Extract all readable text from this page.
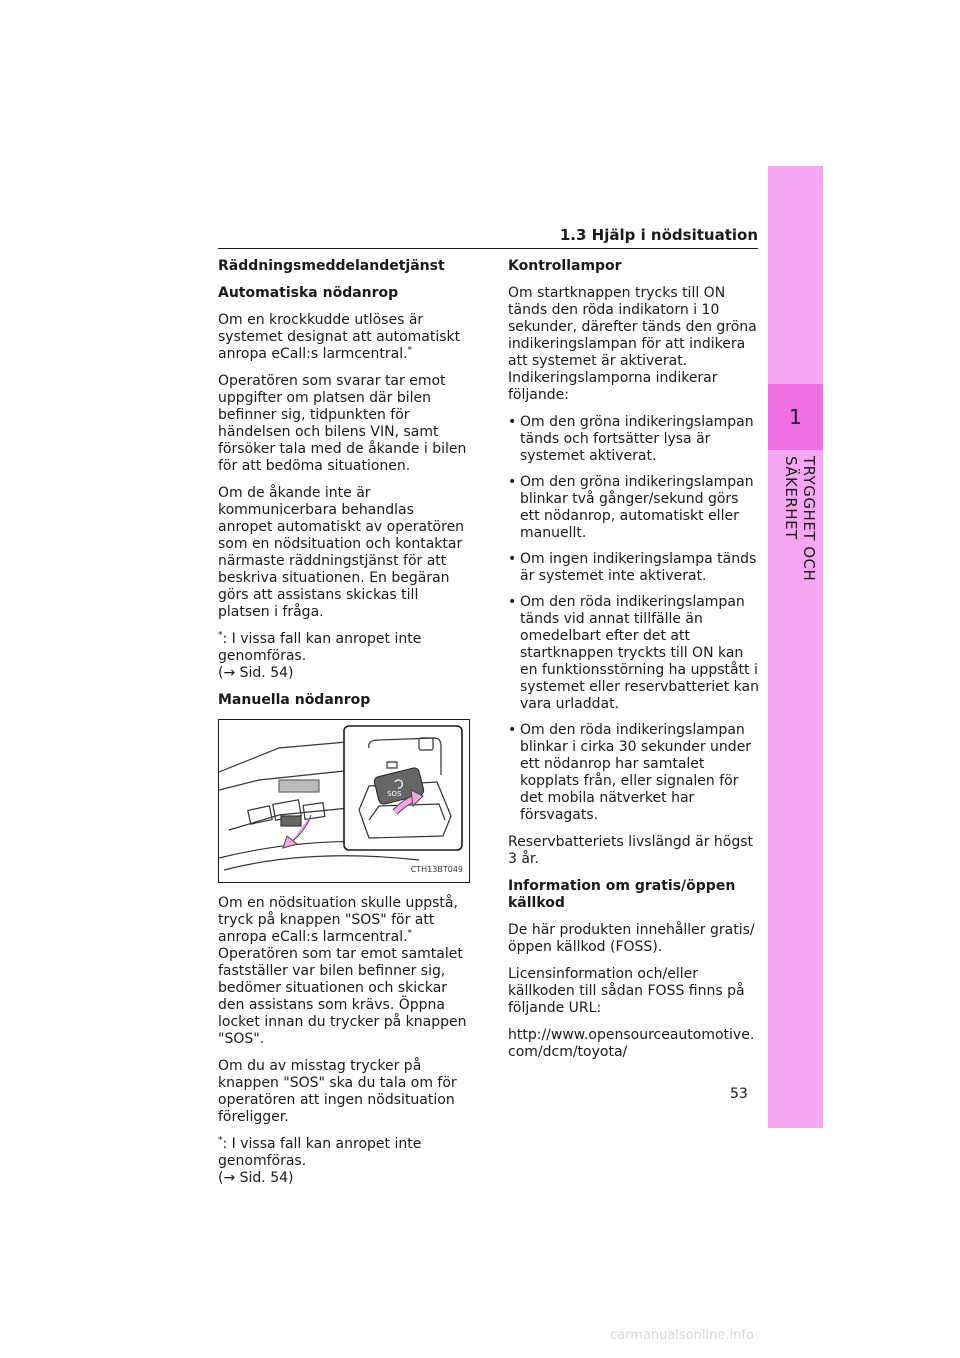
1
TRYGGHET OCH SÄKERHET
1.3 Hjälp i nödsituation

Räddningsmeddelandetjänst

Automatiska nödanrop

Om en krockkudde utlöses är systemet designat att automatiskt anropa eCall:s larmcentral.*

Operatören som svarar tar emot uppgifter om platsen där bilen befinner sig, tidpunkten för händelsen och bilens VIN, samt försöker tala med de åkande i bilen för att bedöma situationen.

Om de åkande inte är kommunicerbara behandlas anropet automatiskt av operatören som en nödsituation och kontaktar närmaste räddningstjänst för att beskriva situationen. En begäran görs att assistans skickas till platsen i fråga.

*: I vissa fall kan anropet inte genomföras.
(→ Sid. 54)

Manuella nödanrop

SOS
CTH13BT049

Om en nödsituation skulle uppstå, tryck på knappen "SOS" för att anropa eCall:s larmcentral.* Operatören som tar emot samtalet fastställer var bilen befinner sig, bedömer situationen och skickar den assistans som krävs. Öppna locket innan du trycker på knappen "SOS".

Om du av misstag trycker på knappen "SOS" ska du tala om för operatören att ingen nödsituation föreligger.

*: I vissa fall kan anropet inte genomföras.
(→ Sid. 54)

Kontrollampor

Om startknappen trycks till ON tänds den röda indikatorn i 10 sekunder, därefter tänds den gröna indikeringslampan för att indikera att systemet är aktiverat. Indikeringslamporna indikerar följande:

• Om den gröna indikeringslampan tänds och fortsätter lysa är systemet aktiverat.
• Om den gröna indikeringslampan blinkar två gånger/sekund görs ett nödanrop, automatiskt eller manuellt.
• Om ingen indikeringslampa tänds är systemet inte aktiverat.
• Om den röda indikeringslampan tänds vid annat tillfälle än omedelbart efter det att startknappen tryckts till ON kan en funktionsstörning ha uppstått i systemet eller reservbatteriet kan vara urladdat.
• Om den röda indikeringslampan blinkar i cirka 30 sekunder under ett nödanrop har samtalet kopplats från, eller signalen för det mobila nätverket har försvagats.

Reservbatteriets livslängd är högst 3 år.

Information om gratis/öppen källkod

De här produkten innehåller gratis/öppen källkod (FOSS).

Licensinformation och/eller källkoden till sådan FOSS finns på följande URL:

http://www.opensourceautomotive.com/dcm/toyota/

53
carmanualsonline.info
